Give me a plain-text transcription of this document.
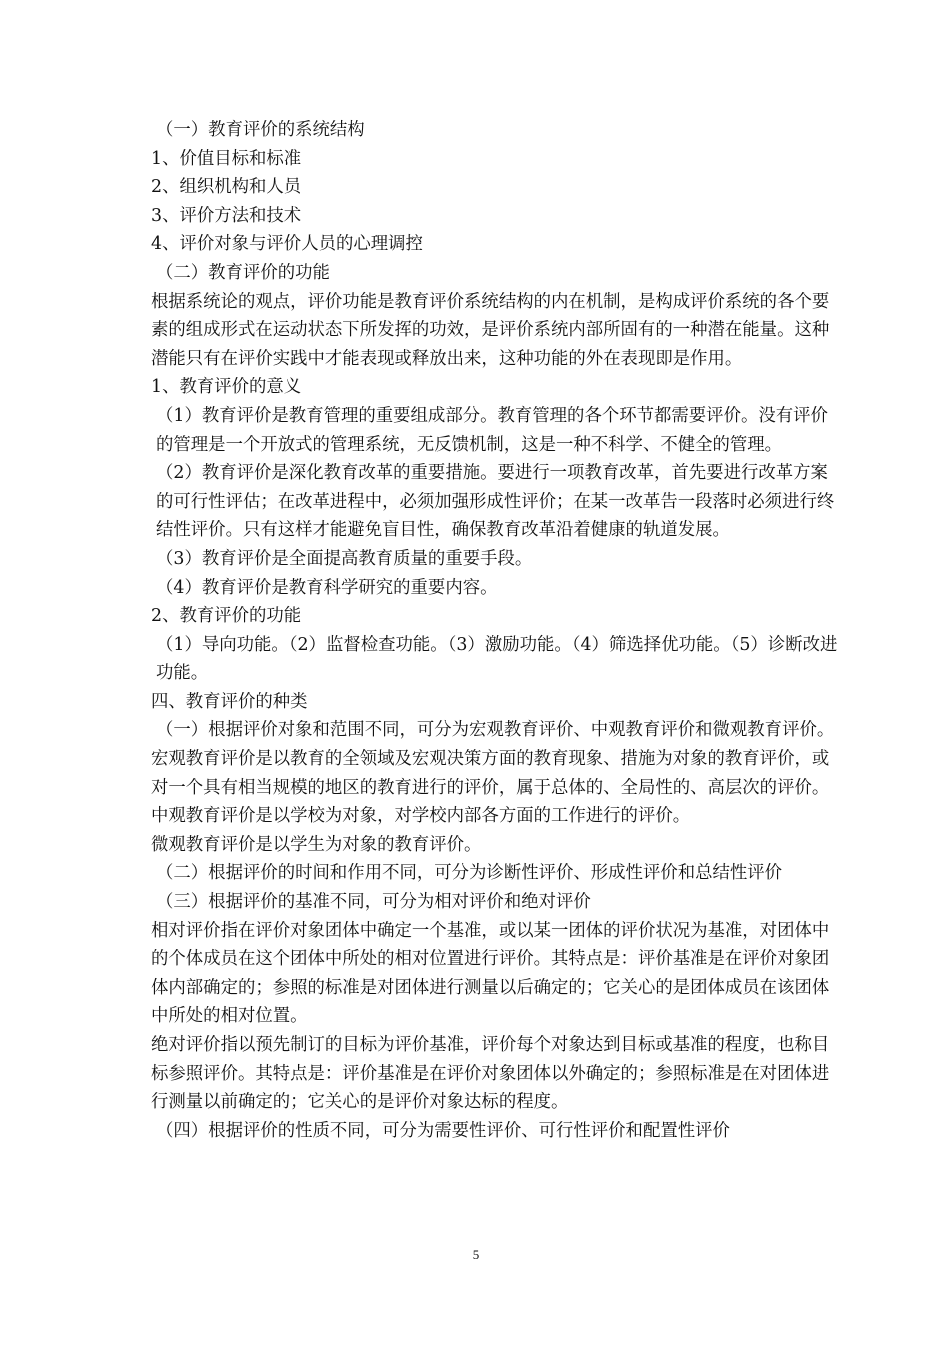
（一）教育评价的系统结构

1、价值目标和标准

2、组织机构和人员

3、评价方法和技术

4、评价对象与评价人员的心理调控

（二）教育评价的功能

根据系统论的观点，评价功能是教育评价系统结构的内在机制，是构成评价系统的各个要素的组成形式在运动状态下所发挥的功效，是评价系统内部所固有的一种潜在能量。这种潜能只有在评价实践中才能表现或释放出来，这种功能的外在表现即是作用。

1、教育评价的意义

（1）教育评价是教育管理的重要组成部分。教育管理的各个环节都需要评价。没有评价的管理是一个开放式的管理系统，无反馈机制，这是一种不科学、不健全的管理。

（2）教育评价是深化教育改革的重要措施。要进行一项教育改革，首先要进行改革方案的可行性评估；在改革进程中，必须加强形成性评价；在某一改革告一段落时必须进行终结性评价。只有这样才能避免盲目性，确保教育改革沿着健康的轨道发展。

（3）教育评价是全面提高教育质量的重要手段。

（4）教育评价是教育科学研究的重要内容。

2、教育评价的功能

（1）导向功能。（2）监督检查功能。（3）激励功能。（4）筛选择优功能。（5）诊断改进功能。

四、教育评价的种类

（一）根据评价对象和范围不同，可分为宏观教育评价、中观教育评价和微观教育评价。

宏观教育评价是以教育的全领域及宏观决策方面的教育现象、措施为对象的教育评价，或对一个具有相当规模的地区的教育进行的评价，属于总体的、全局性的、高层次的评价。

中观教育评价是以学校为对象，对学校内部各方面的工作进行的评价。

微观教育评价是以学生为对象的教育评价。

（二）根据评价的时间和作用不同，可分为诊断性评价、形成性评价和总结性评价

（三）根据评价的基准不同，可分为相对评价和绝对评价

相对评价指在评价对象团体中确定一个基准，或以某一团体的评价状况为基准，对团体中的个体成员在这个团体中所处的相对位置进行评价。其特点是：评价基准是在评价对象团体内部确定的；参照的标准是对团体进行测量以后确定的；它关心的是团体成员在该团体中所处的相对位置。

绝对评价指以预先制订的目标为评价基准，评价每个对象达到目标或基准的程度，也称目标参照评价。其特点是：评价基准是在评价对象团体以外确定的；参照标准是在对团体进行测量以前确定的；它关心的是评价对象达标的程度。

（四）根据评价的性质不同，可分为需要性评价、可行性评价和配置性评价

5
